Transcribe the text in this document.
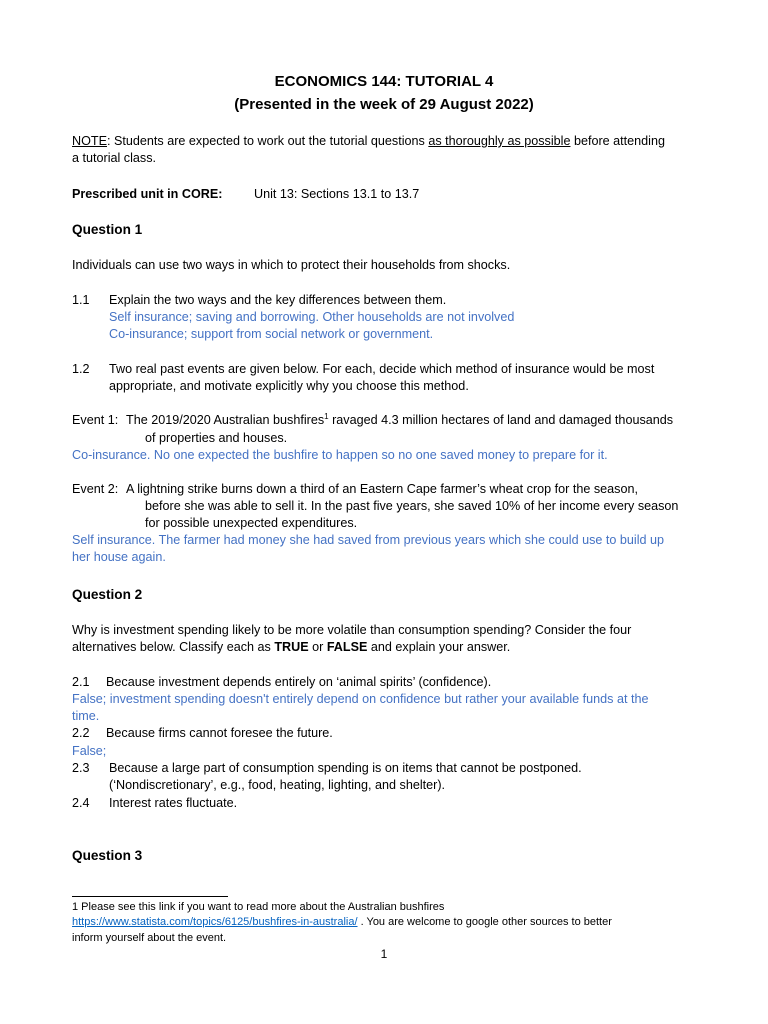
ECONOMICS 144: TUTORIAL 4
(Presented in the week of 29 August 2022)
NOTE: Students are expected to work out the tutorial questions as thoroughly as possible before attending
a tutorial class.
Prescribed unit in CORE:	Unit 13: Sections 13.1 to 13.7
Question 1
Individuals can use two ways in which to protect their households from shocks.
1.1 Explain the two ways and the key differences between them.
Self insurance; saving and borrowing. Other households are not involved
Co-insurance; support from social network or government.
1.2 Two real past events are given below. For each, decide which method of insurance would be most
appropriate, and motivate explicitly why you choose this method.
Event 1: The 2019/2020 Australian bushfires$^1$ ravaged 4.3 million hectares of land and damaged thousands
of properties and houses.
Co-insurance. No one expected the bushfire to happen so no one saved money to prepare for it.
Event 2: A lightning strike burns down a third of an Eastern Cape farmer’s wheat crop for the season,
before she was able to sell it. In the past five years, she saved 10% of her income every season
for possible unexpected expenditures.
Self insurance. The farmer had money she had saved from previous years which she could use to build up
her house again.
Question 2
Why is investment spending likely to be more volatile than consumption spending? Consider the four
alternatives below. Classify each as TRUE or FALSE and explain your answer.
2.1 Because investment depends entirely on ‘animal spirits’ (confidence).
False; investment spending doesn't entirely depend on confidence but rather your available funds at the
time.
2.2 Because firms cannot foresee the future.
False;
2.3 Because a large part of consumption spending is on items that cannot be postponed.
(‘Nondiscretionary’, e.g., food, heating, lighting, and shelter).
2.4 Interest rates fluctuate.
Question 3
1 Please see this link if you want to read more about the Australian bushfires
https://www.statista.com/topics/6125/bushfires-in-australia/ . You are welcome to google other sources to better
inform yourself about the event.
1
